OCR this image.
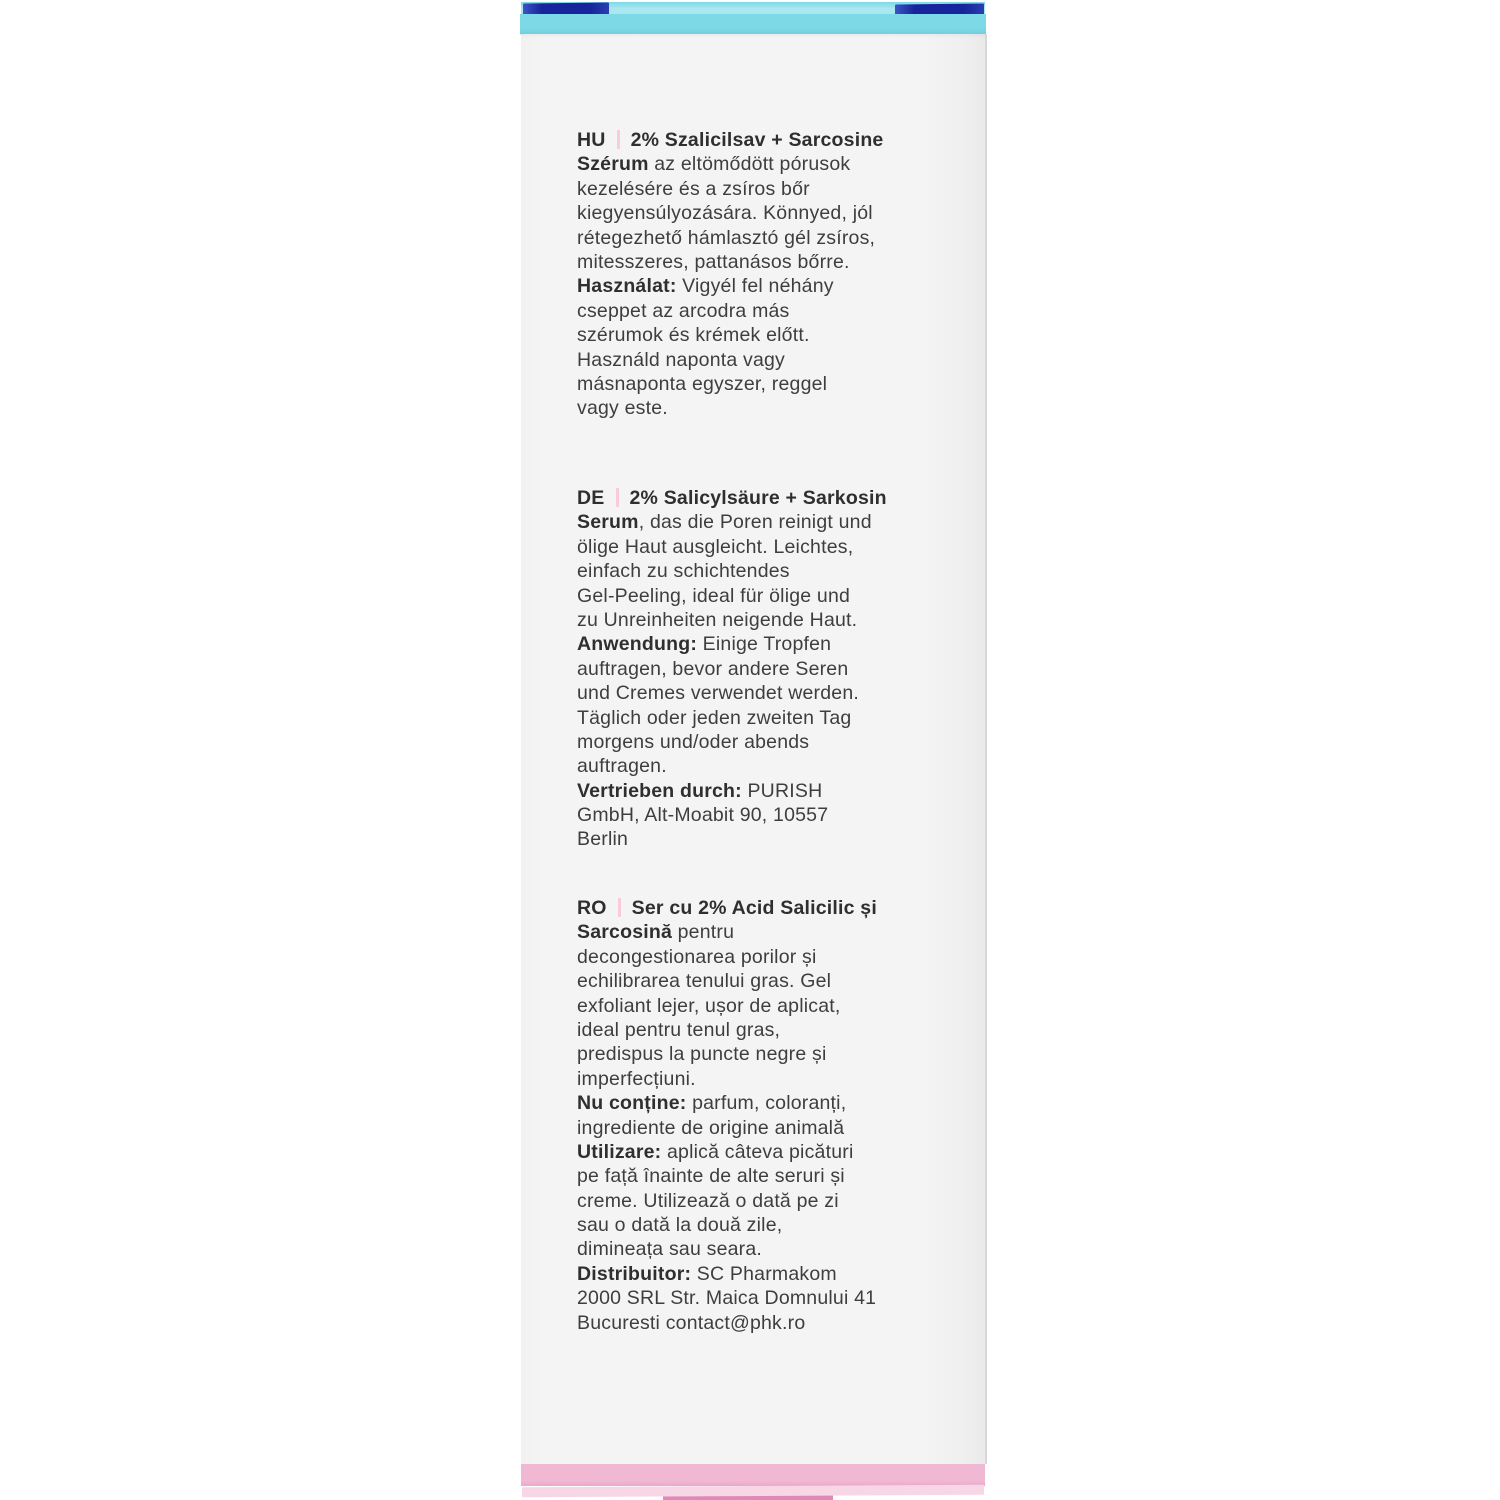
HU 2% Szalicilsav + Sarcosine
Szérum az eltömődött pórusok
kezelésére és a zsíros bőr
kiegyensúlyozására. Könnyed, jól
rétegezhető hámlasztó gél zsíros,
mitesszeres, pattanásos bőrre.
Használat: Vigyél fel néhány
cseppet az arcodra más
szérumok és krémek előtt.
Használd naponta vagy
másnaponta egyszer, reggel
vagy este.
DE 2% Salicylsäure + Sarkosin
Serum, das die Poren reinigt und
ölige Haut ausgleicht. Leichtes,
einfach zu schichtendes
Gel-Peeling, ideal für ölige und
zu Unreinheiten neigende Haut.
Anwendung: Einige Tropfen
auftragen, bevor andere Seren
und Cremes verwendet werden.
Täglich oder jeden zweiten Tag
morgens und/oder abends
auftragen.
Vertrieben durch: PURISH
GmbH, Alt-Moabit 90, 10557
Berlin
RO Ser cu 2% Acid Salicilic și
Sarcosină pentru
decongestionarea porilor și
echilibrarea tenului gras. Gel
exfoliant lejer, ușor de aplicat,
ideal pentru tenul gras,
predispus la puncte negre și
imperfecțiuni.
Nu conține: parfum, coloranți,
ingrediente de origine animală
Utilizare: aplică câteva picături
pe față înainte de alte seruri și
creme. Utilizează o dată pe zi
sau o dată la două zile,
dimineața sau seara.
Distribuitor: SC Pharmakom
2000 SRL Str. Maica Domnului 41
Bucuresti contact@phk.ro
